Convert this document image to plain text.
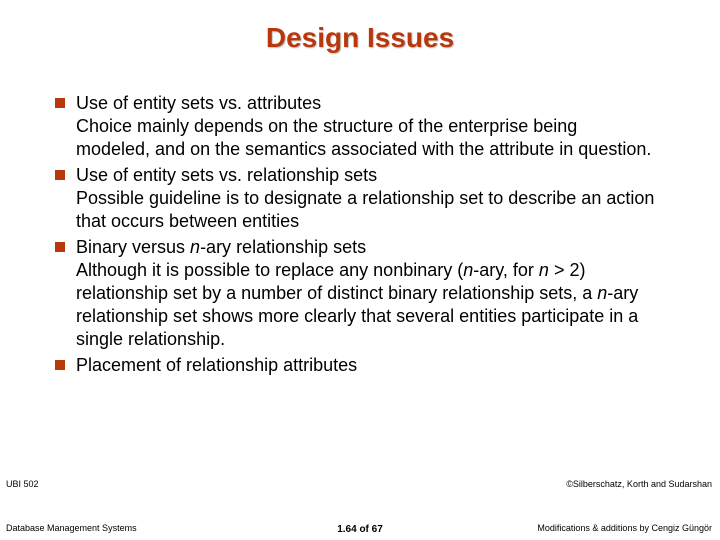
Design Issues
Use of entity sets vs. attributes
Choice mainly depends on the structure of the enterprise being modeled, and on the semantics associated with the attribute in question.
Use of entity sets vs. relationship sets
Possible guideline is to designate a relationship set to describe an action that occurs between entities
Binary versus n-ary relationship sets
Although it is possible to replace any nonbinary (n-ary, for n > 2) relationship set by a number of distinct binary relationship sets, a n-ary relationship set shows more clearly that several entities participate in a single relationship.
Placement of relationship attributes
UBI 502
Database Management Systems	1.64 of 67
©Silberschatz, Korth and Sudarshan
Modifications & additions by Cengiz Güngör
